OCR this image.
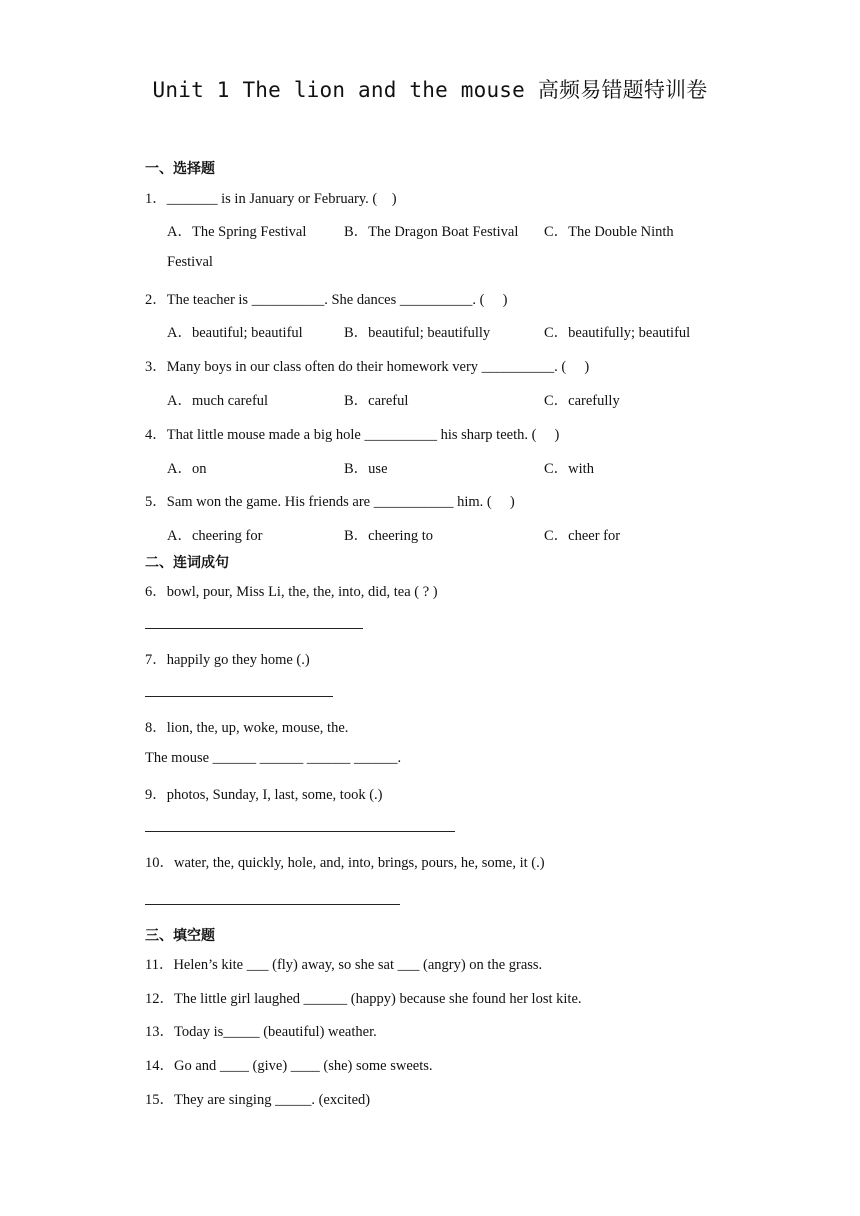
Unit 1 The lion and the mouse 高频易错题特训卷
一、选择题
1．_______ is in January or February. (　)
A．The Spring Festival	B．The Dragon Boat Festival C．The Double Ninth
Festival
2．The teacher is __________. She dances __________. (　 )
A．beautiful; beautiful	B．beautiful; beautifully	C．beautifully; beautiful
3．Many boys in our class often do their homework very __________. (　 )
A．much careful	B．careful	C．carefully
4．That little mouse made a big hole __________ his sharp teeth. (　 )
A．on	B．use	C．with
5．Sam won the game. His friends are ___________ him. (　 )
A．cheering for	B．cheering to	C．cheer for
二、连词成句
6．bowl, pour, Miss Li, the, the, into, did, tea ( ? )
7．happily go they home (.)
8．lion, the, up, woke, mouse, the.
The mouse ______ ______ ______ ______.
9．photos, Sunday, I, last, some, took (.)
10．water, the, quickly, hole, and, into, brings, pours, he, some, it (.)
三、填空题
11．Helen’s kite ___ (fly) away, so she sat ___ (angry) on the grass.
12．The little girl laughed ______ (happy) because she found her lost kite.
13．Today is_____ (beautiful) weather.
14．Go and ____ (give) ____ (she) some sweets.
15．They are singing _____. (excited)
